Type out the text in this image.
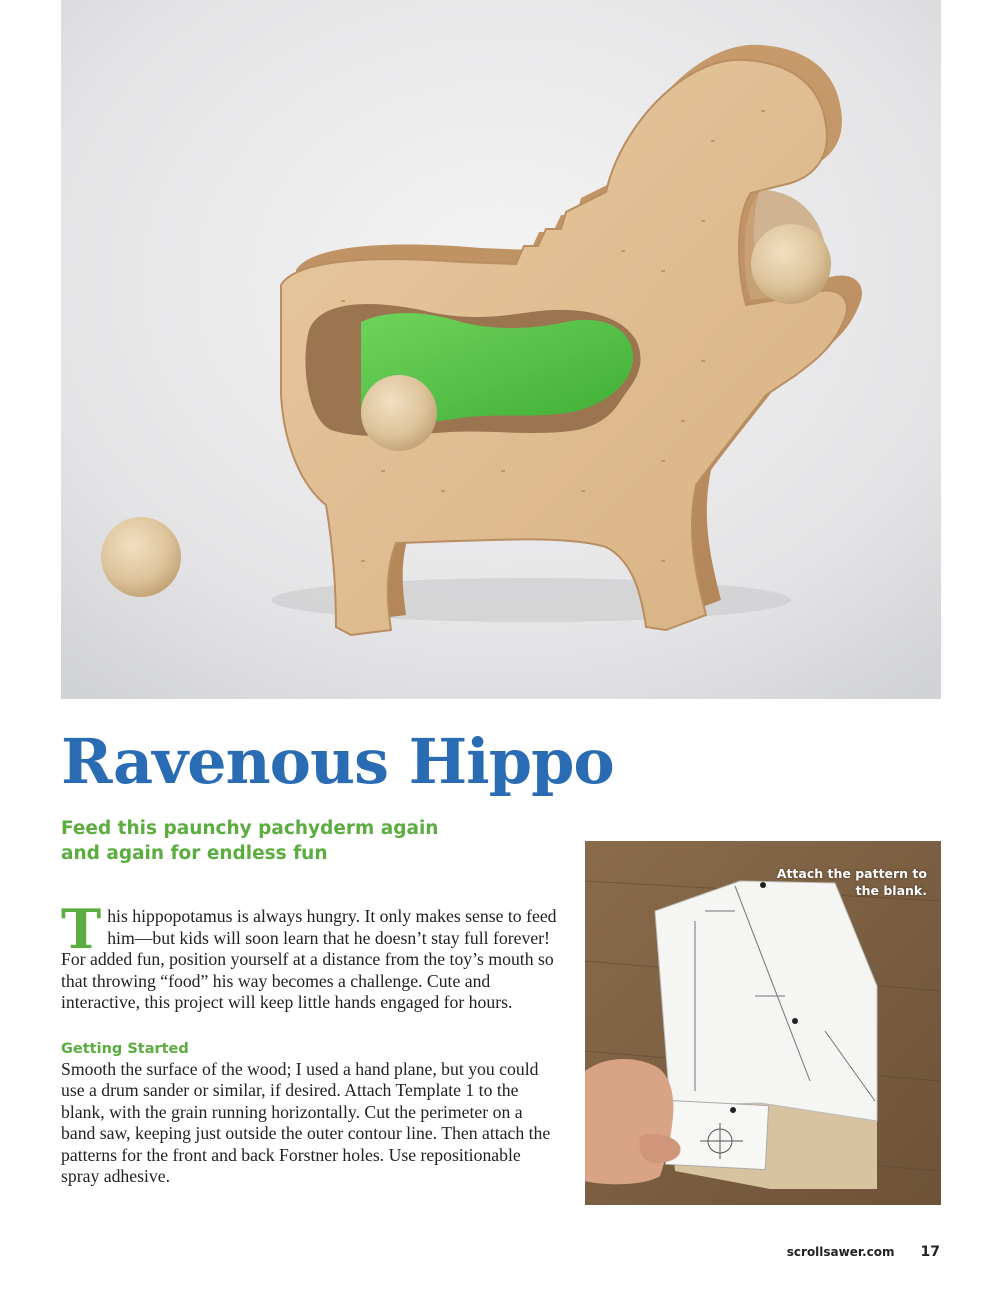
Ravenous Hippo

Feed this paunchy pachyderm again and again for endless fun

This hippopotamus is always hungry. It only makes sense to feed him—but kids will soon learn that he doesn’t stay full forever! For added fun, position yourself at a distance from the toy’s mouth so that throwing “food” his way becomes a challenge. Cute and interactive, this project will keep little hands engaged for hours.

Getting Started

Smooth the surface of the wood; I used a hand plane, but you could use a drum sander or similar, if desired. Attach Template 1 to the blank, with the grain running horizontally. Cut the perimeter on a band saw, keeping just outside the outer contour line. Then attach the patterns for the front and back Forstner holes. Use repositionable spray adhesive.

Attach the pattern to the blank.
scrollsawer.com 17
